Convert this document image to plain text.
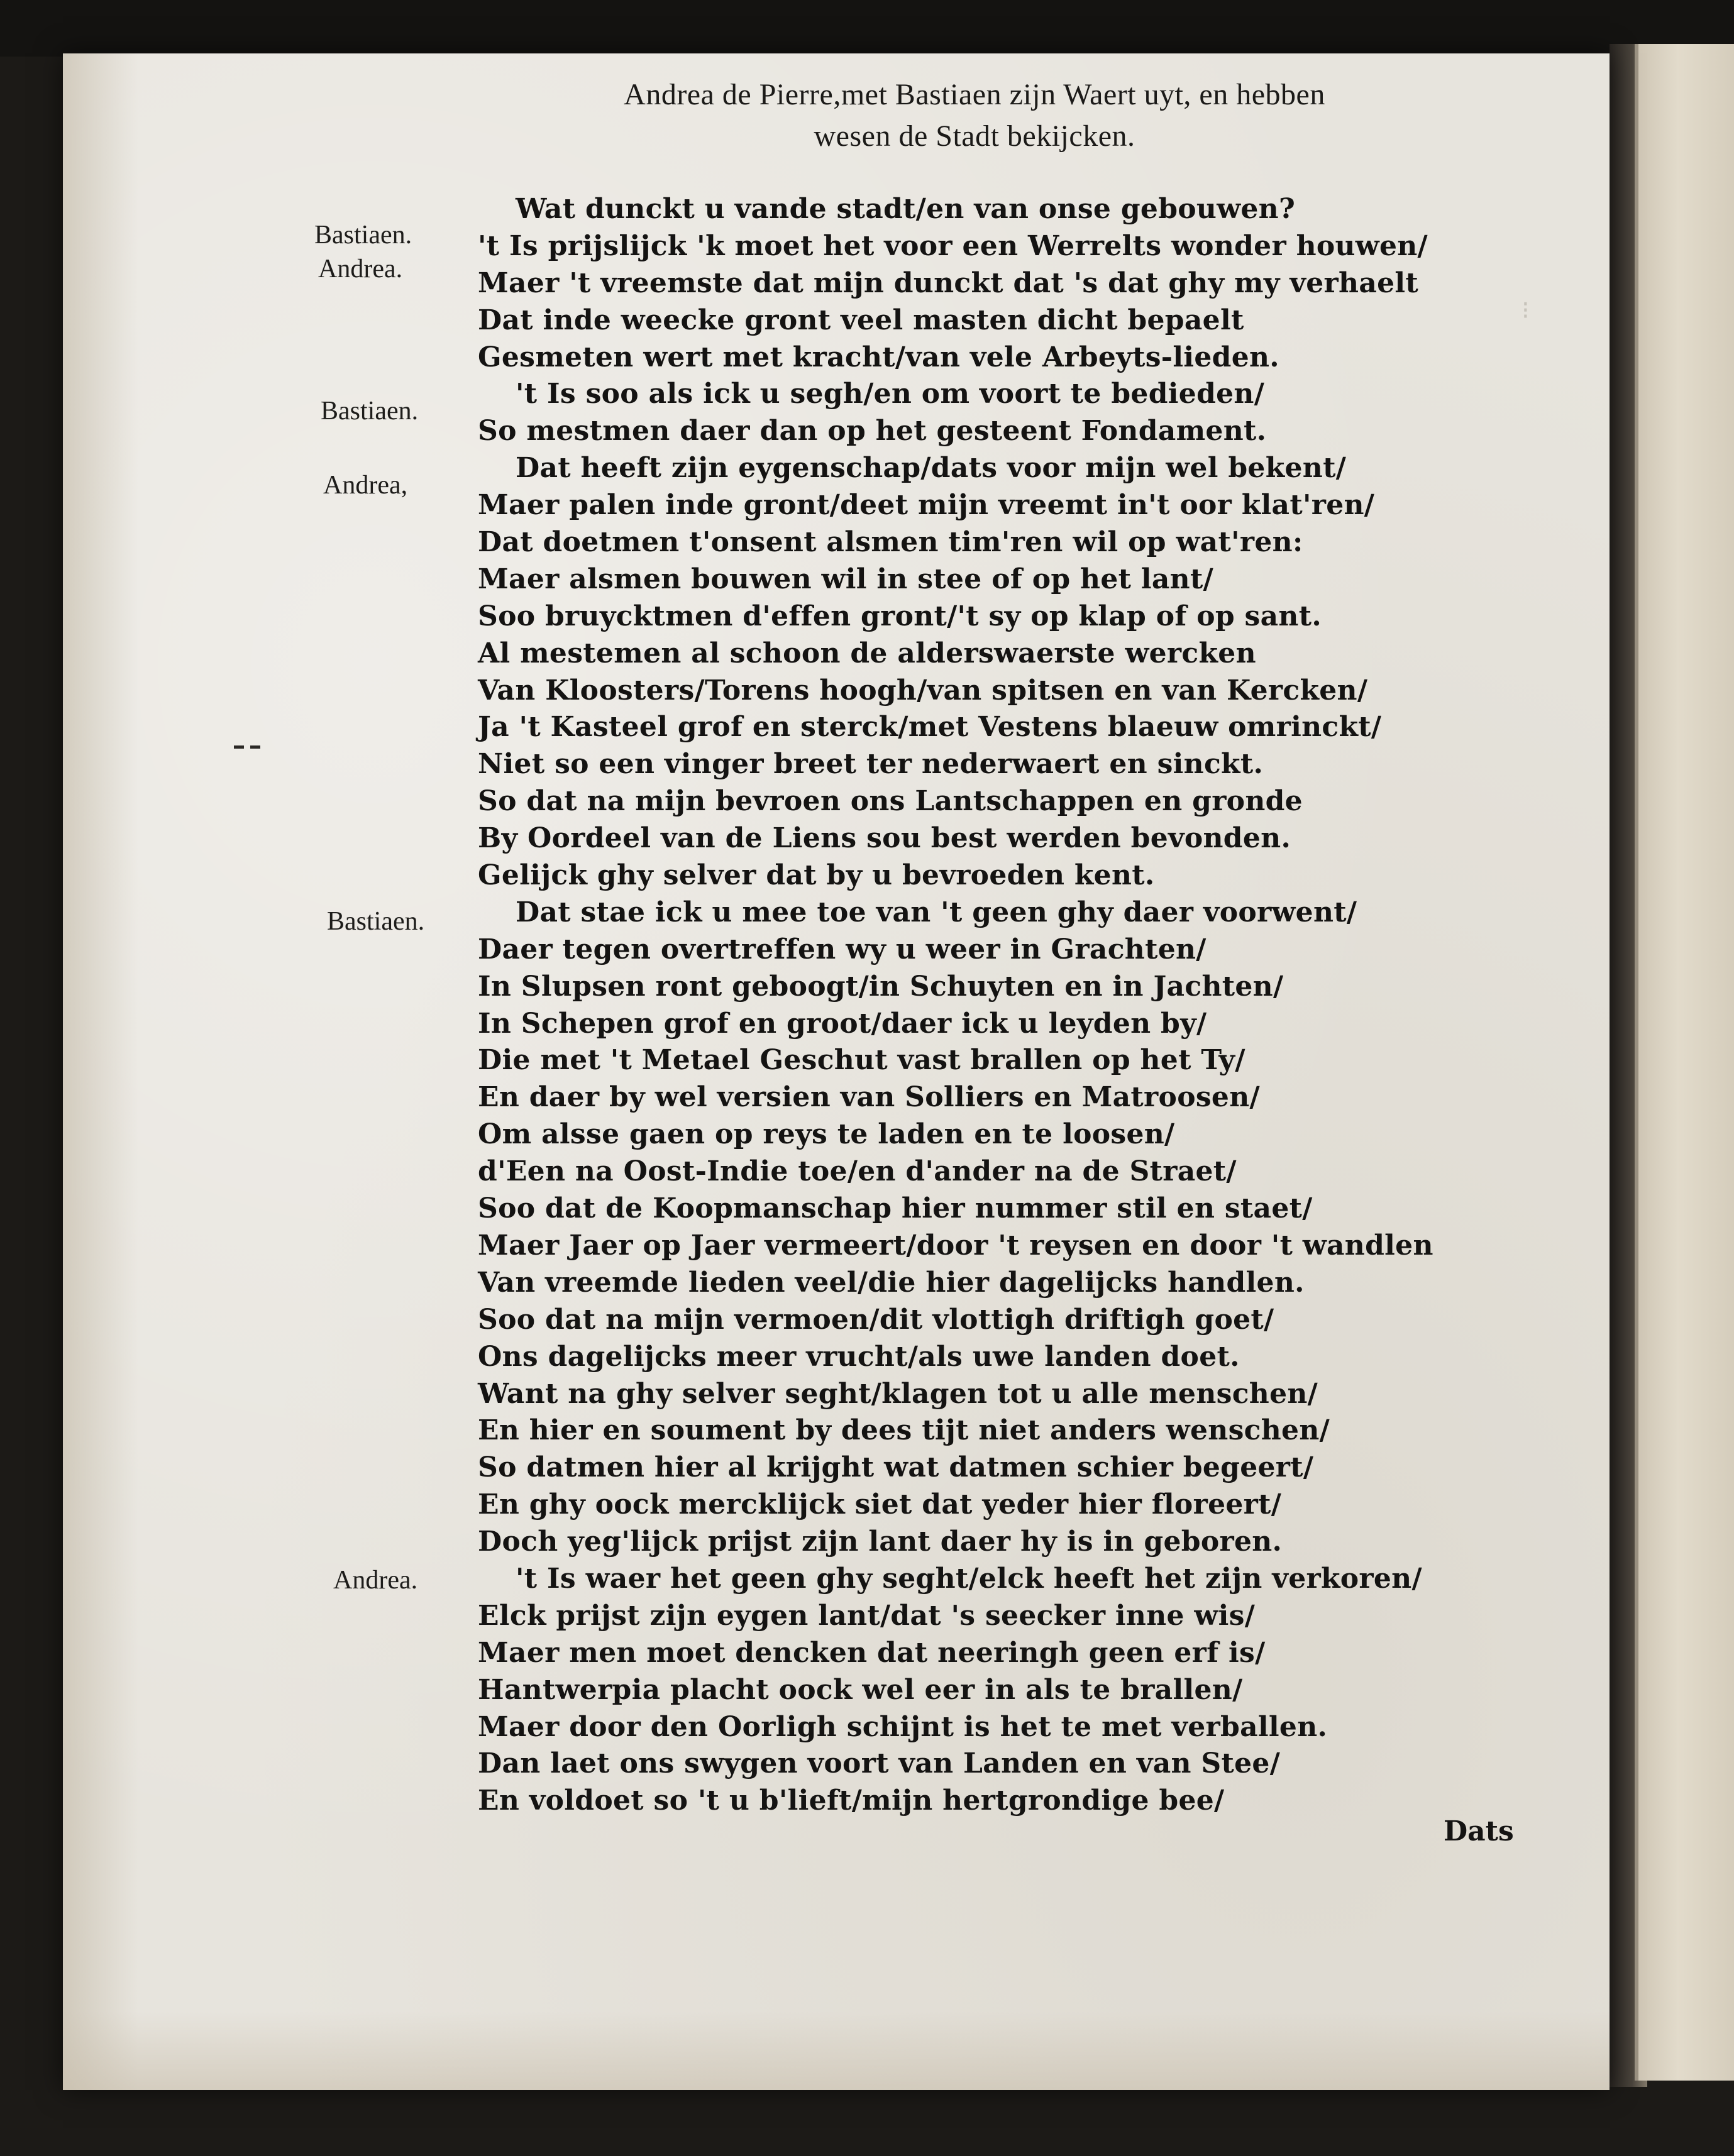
⁝
Andrea de Pierre,met Bastiaen zijn Waert uyt, en hebben
wesen de Stadt bekijcken.
Bastiaen.
Andrea.
Bastiaen.
Andrea,
Bastiaen.
Andrea.
Wat dunckt u vande stadt/en van onse gebouwen?
't Is prijslijck 'k moet het voor een Werrelts wonder houwen/
Maer 't vreemste dat mijn dunckt dat 's dat ghy my verhaelt
Dat inde weecke gront veel masten dicht bepaelt
Gesmeten wert met kracht/van vele Arbeyts-lieden.
't Is soo als ick u segh/en om voort te bedieden/
So mestmen daer dan op het gesteent Fondament.
Dat heeft zijn eygenschap/dats voor mijn wel bekent/
Maer palen inde gront/deet mijn vreemt in't oor klat'ren/
Dat doetmen t'onsent alsmen tim'ren wil op wat'ren:
Maer alsmen bouwen wil in stee of op het lant/
Soo bruycktmen d'effen gront/'t sy op klap of op sant.
Al mestemen al schoon de alderswaerste wercken
Van Kloosters/Torens hoogh/van spitsen en van Kercken/
Ja 't Kasteel grof en sterck/met Vestens blaeuw omrinckt/
Niet so een vinger breet ter nederwaert en sinckt.
So dat na mijn bevroen ons Lantschappen en gronde
By Oordeel van de Liens sou best werden bevonden.
Gelijck ghy selver dat by u bevroeden kent.
Dat stae ick u mee toe van 't geen ghy daer voorwent/
Daer tegen overtreffen wy u weer in Grachten/
In Slupsen ront geboogt/in Schuyten en in Jachten/
In Schepen grof en groot/daer ick u leyden by/
Die met 't Metael Geschut vast brallen op het Ty/
En daer by wel versien van Solliers en Matroosen/
Om alsse gaen op reys te laden en te loosen/
d'Een na Oost-Indie toe/en d'ander na de Straet/
Soo dat de Koopmanschap hier nummer stil en staet/
Maer Jaer op Jaer vermeert/door 't reysen en door 't wandlen
Van vreemde lieden veel/die hier dagelijcks handlen.
Soo dat na mijn vermoen/dit vlottigh driftigh goet/
Ons dagelijcks meer vrucht/als uwe landen doet.
Want na ghy selver seght/klagen tot u alle menschen/
En hier en soument by dees tijt niet anders wenschen/
So datmen hier al krijght wat datmen schier begeert/
En ghy oock mercklijck siet dat yeder hier floreert/
Doch yeg'lijck prijst zijn lant daer hy is in geboren.
't Is waer het geen ghy seght/elck heeft het zijn verkoren/
Elck prijst zijn eygen lant/dat 's seecker inne wis/
Maer men moet dencken dat neeringh geen erf is/
Hantwerpia placht oock wel eer in als te brallen/
Maer door den Oorligh schijnt is het te met verballen.
Dan laet ons swygen voort van Landen en van Stee/
En voldoet so 't u b'lieft/mijn hertgrondige bee/
Dats
